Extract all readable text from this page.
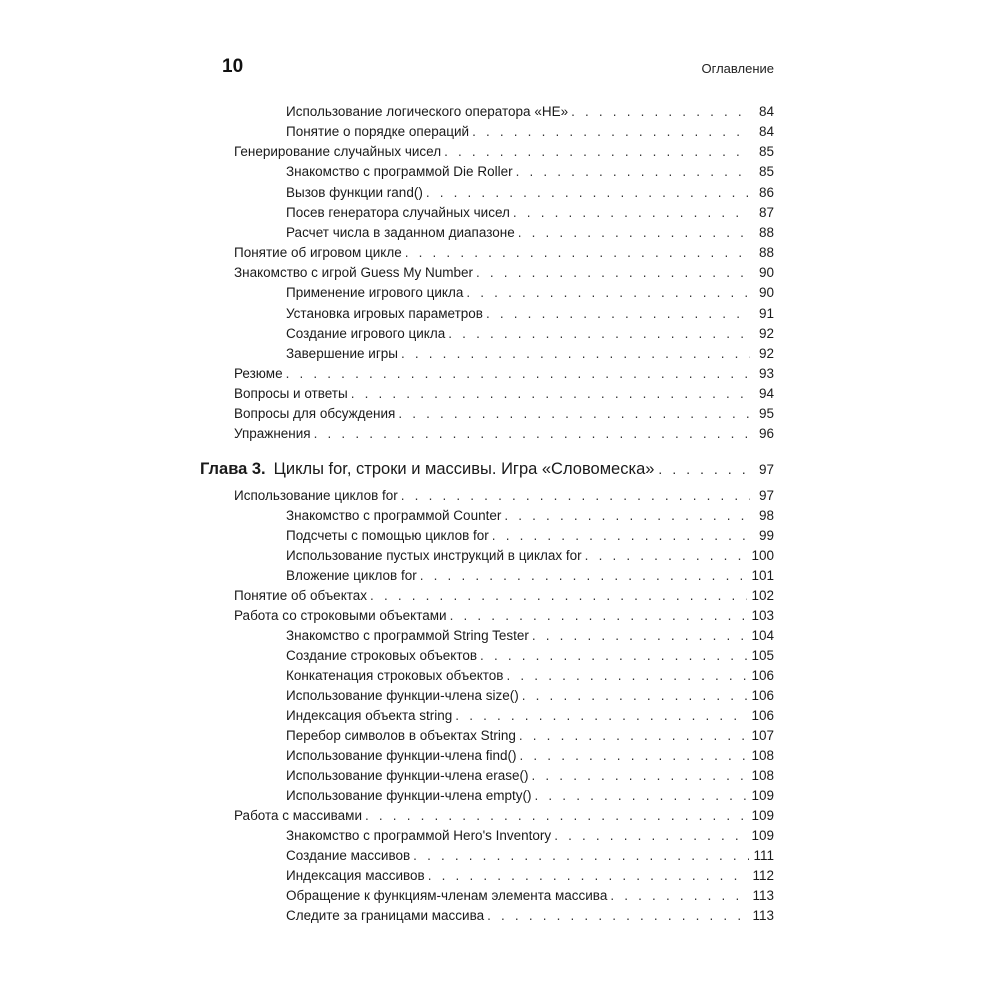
10	Оглавление
Использование логического оператора «НЕ» . . .	84
Понятие о порядке операций . . .	84
Генерирование случайных чисел . . .	85
Знакомство с программой Die Roller . . .	85
Вызов функции rand() . . .	86
Посев генератора случайных чисел . . .	87
Расчет числа в заданном диапазоне . . .	88
Понятие об игровом цикле . . .	88
Знакомство с игрой Guess My Number . . .	90
Применение игрового цикла . . .	90
Установка игровых параметров . . .	91
Создание игрового цикла . . .	92
Завершение игры . . .	92
Резюме . . .	93
Вопросы и ответы . . .	94
Вопросы для обсуждения . . .	95
Упражнения . . .	96
Глава 3. Циклы for, строки и массивы. Игра «Словомеска» . . .	97
Использование циклов for . . .	97
Знакомство с программой Counter . . .	98
Подсчеты с помощью циклов for . . .	99
Использование пустых инструкций в циклах for . . .	100
Вложение циклов for . . .	101
Понятие об объектах . . .	102
Работа со строковыми объектами . . .	103
Знакомство с программой String Tester . . .	104
Создание строковых объектов . . .	105
Конкатенация строковых объектов . . .	106
Использование функции-члена size() . . .	106
Индексация объекта string . . .	106
Перебор символов в объектах String . . .	107
Использование функции-члена find() . . .	108
Использование функции-члена erase() . . .	108
Использование функции-члена empty() . . .	109
Работа с массивами . . .	109
Знакомство с программой Hero's Inventory . . .	109
Создание массивов . . .	111
Индексация массивов . . .	112
Обращение к функциям-членам элемента массива . . .	113
Следите за границами массива . . .	113
